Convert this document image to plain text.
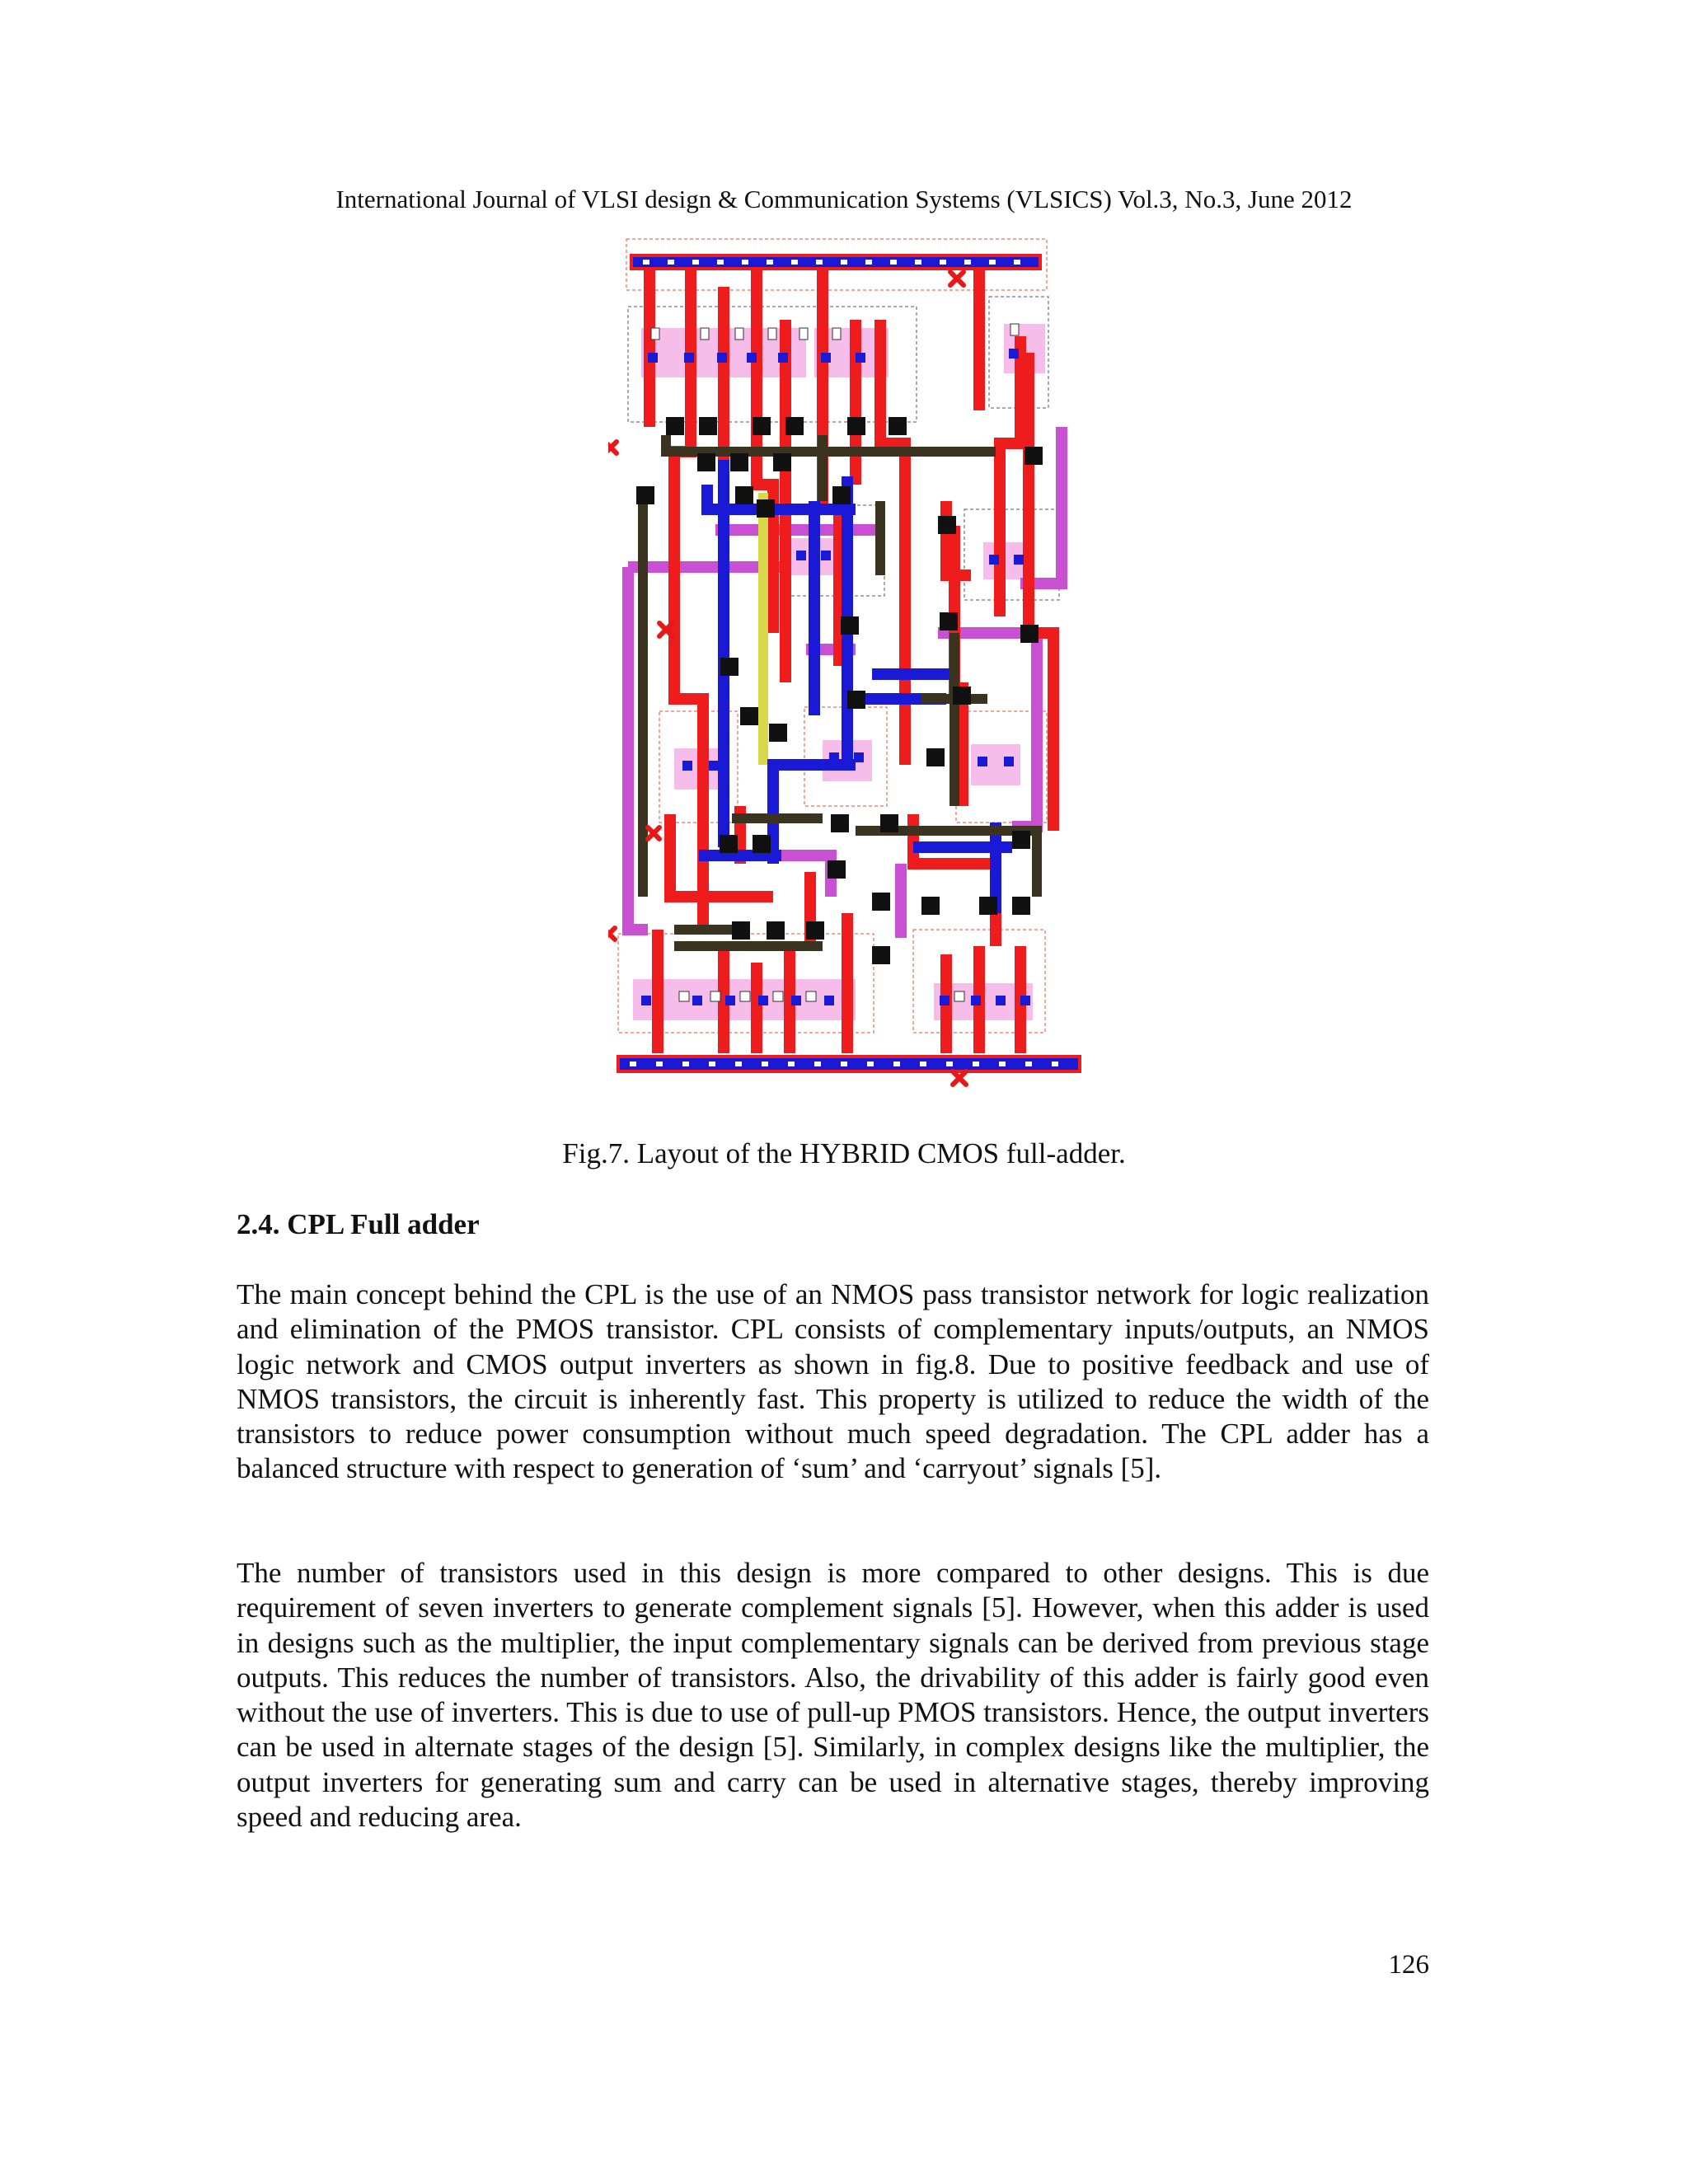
International Journal of VLSI design & Communication Systems (VLSICS) Vol.3, No.3, June 2012
Fig.7. Layout of the HYBRID CMOS full-adder.
2.4. CPL Full adder

The main concept behind the CPL is the use of an NMOS pass transistor network for logic realization and elimination of the PMOS transistor. CPL consists of complementary inputs/outputs, an NMOS logic network and CMOS output inverters as shown in fig.8. Due to positive feedback and use of NMOS transistors, the circuit is inherently fast. This property is utilized to reduce the width of the transistors to reduce power consumption without much speed degradation. The CPL adder has a balanced structure with respect to generation of ‘sum’ and ‘carryout’ signals [5].

The number of transistors used in this design is more compared to other designs. This is due requirement of seven inverters to generate complement signals [5]. However, when this adder is used in designs such as the multiplier, the input complementary signals can be derived from previous stage outputs. This reduces the number of transistors. Also, the drivability of this adder is fairly good even without the use of inverters. This is due to use of pull-up PMOS transistors. Hence, the output inverters can be used in alternate stages of the design [5]. Similarly, in complex designs like the multiplier, the output inverters for generating sum and carry can be used in alternative stages, thereby improving speed and reducing area.

126
